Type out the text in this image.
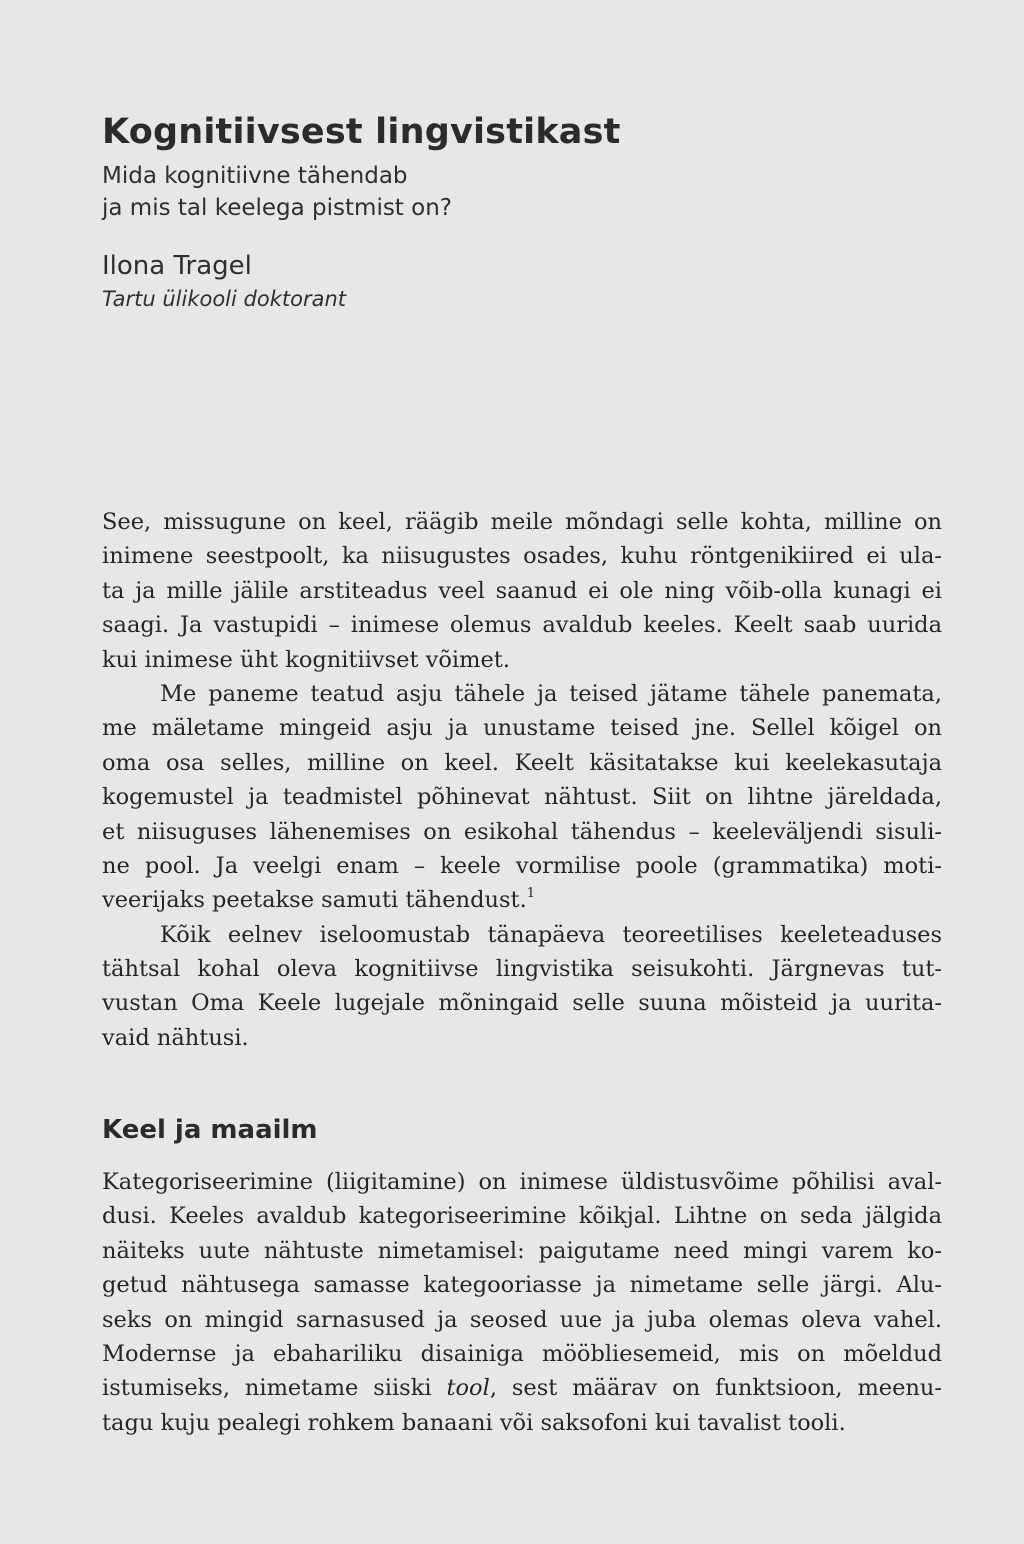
Kognitiivsest lingvistikast
Mida kognitiivne tähendab
ja mis tal keelega pistmist on?
Ilona Tragel
Tartu ülikooli doktorant
See, missugune on keel, räägib meile mõndagi selle kohta, milline on
inimene seestpoolt, ka niisugustes osades, kuhu röntgenikiired ei ula-
ta ja mille jälile arstiteadus veel saanud ei ole ning võib-olla kunagi ei
saagi. Ja vastupidi – inimese olemus avaldub keeles. Keelt saab uurida
kui inimese üht kognitiivset võimet.
Me paneme teatud asju tähele ja teised jätame tähele panemata,
me mäletame mingeid asju ja unustame teised jne. Sellel kõigel on
oma osa selles, milline on keel. Keelt käsitatakse kui keelekasutaja
kogemustel ja teadmistel põhinevat nähtust. Siit on lihtne järeldada,
et niisuguses lähenemises on esikohal tähendus – keeleväljendi sisuli-
ne pool. Ja veelgi enam – keele vormilise poole (grammatika) moti-
veerijaks peetakse samuti tähendust.$^1$
Kõik eelnev iseloomustab tänapäeva teoreetilises keeleteaduses
tähtsal kohal oleva kognitiivse lingvistika seisukohti. Järgnevas tut-
vustan Oma Keele lugejale mõningaid selle suuna mõisteid ja uurita-
vaid nähtusi.
Keel ja maailm
Kategoriseerimine (liigitamine) on inimese üldistusvõime põhilisi aval-
dusi. Keeles avaldub kategoriseerimine kõikjal. Lihtne on seda jälgida
näiteks uute nähtuste nimetamisel: paigutame need mingi varem ko-
getud nähtusega samasse kategooriasse ja nimetame selle järgi. Alu-
seks on mingid sarnasused ja seosed uue ja juba olemas oleva vahel.
Modernse ja ebahariliku disainiga mööbliesemeid, mis on mõeldud
istumiseks, nimetame siiski tool, sest määrav on funktsioon, meenu-
tagu kuju pealegi rohkem banaani või saksofoni kui tavalist tooli.
